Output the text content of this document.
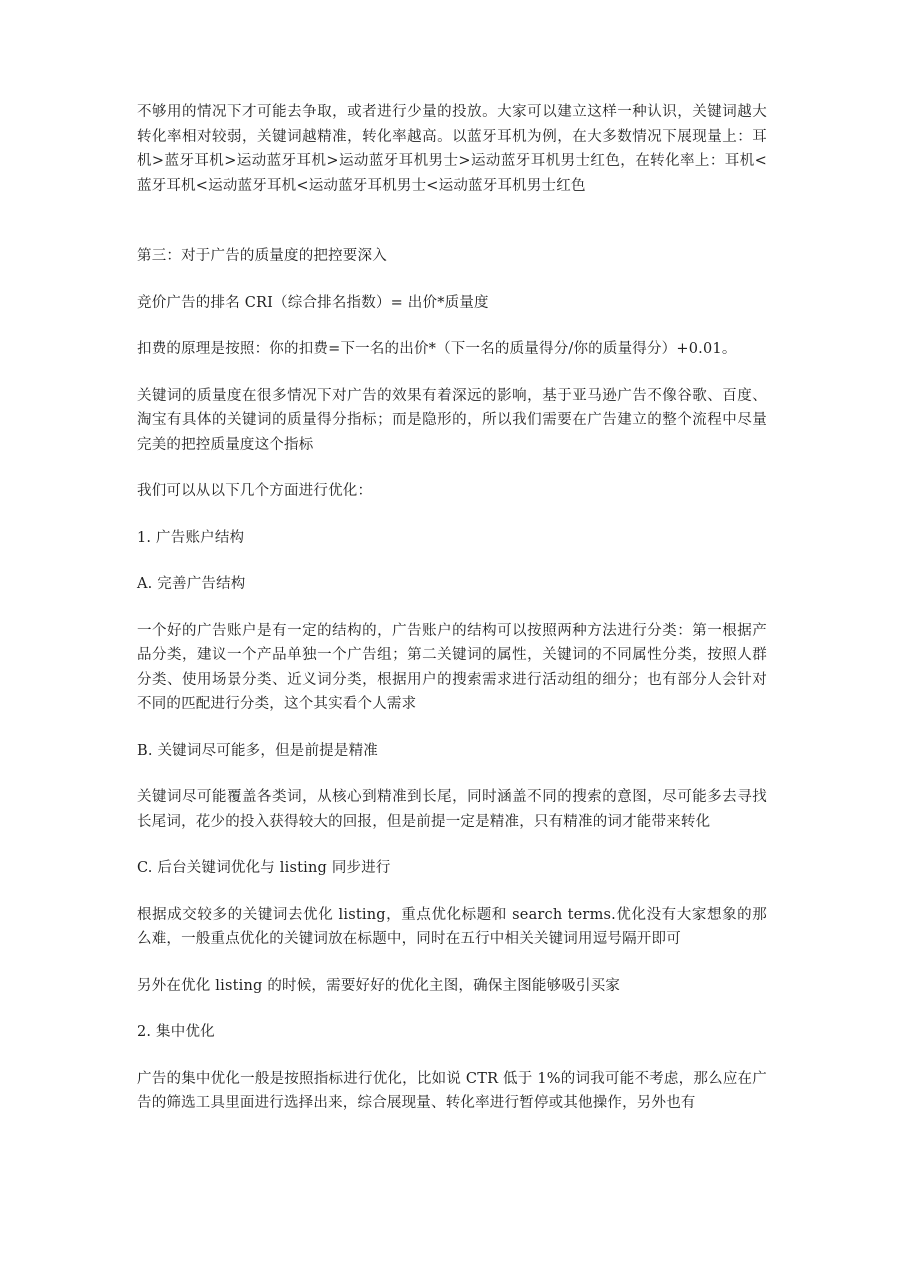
不够用的情况下才可能去争取，或者进行少量的投放。大家可以建立这样一种认识，关键词越大转化率相对较弱，关键词越精准，转化率越高。以蓝牙耳机为例，在大多数情况下展现量上：耳机>蓝牙耳机>运动蓝牙耳机>运动蓝牙耳机男士>运动蓝牙耳机男士红色，在转化率上：耳机<蓝牙耳机<运动蓝牙耳机<运动蓝牙耳机男士<运动蓝牙耳机男士红色

第三：对于广告的质量度的把控要深入

竞价广告的排名 CRI（综合排名指数）= 出价*质量度

扣费的原理是按照：你的扣费=下一名的出价*（下一名的质量得分/你的质量得分）+0.01。

关键词的质量度在很多情况下对广告的效果有着深远的影响，基于亚马逊广告不像谷歌、百度、淘宝有具体的关键词的质量得分指标；而是隐形的，所以我们需要在广告建立的整个流程中尽量完美的把控质量度这个指标

我们可以从以下几个方面进行优化：

1. 广告账户结构

A. 完善广告结构

一个好的广告账户是有一定的结构的，广告账户的结构可以按照两种方法进行分类：第一根据产品分类，建议一个产品单独一个广告组；第二关键词的属性，关键词的不同属性分类，按照人群分类、使用场景分类、近义词分类，根据用户的搜索需求进行活动组的细分；也有部分人会针对不同的匹配进行分类，这个其实看个人需求

B. 关键词尽可能多，但是前提是精准

关键词尽可能覆盖各类词，从核心到精准到长尾，同时涵盖不同的搜索的意图，尽可能多去寻找长尾词，花少的投入获得较大的回报，但是前提一定是精准，只有精准的词才能带来转化

C. 后台关键词优化与 listing 同步进行

根据成交较多的关键词去优化 listing，重点优化标题和 search terms.优化没有大家想象的那么难，一般重点优化的关键词放在标题中，同时在五行中相关关键词用逗号隔开即可

另外在优化 listing 的时候，需要好好的优化主图，确保主图能够吸引买家

2. 集中优化

广告的集中优化一般是按照指标进行优化，比如说 CTR 低于 1%的词我可能不考虑，那么应在广告的筛选工具里面进行选择出来，综合展现量、转化率进行暂停或其他操作，另外也有
